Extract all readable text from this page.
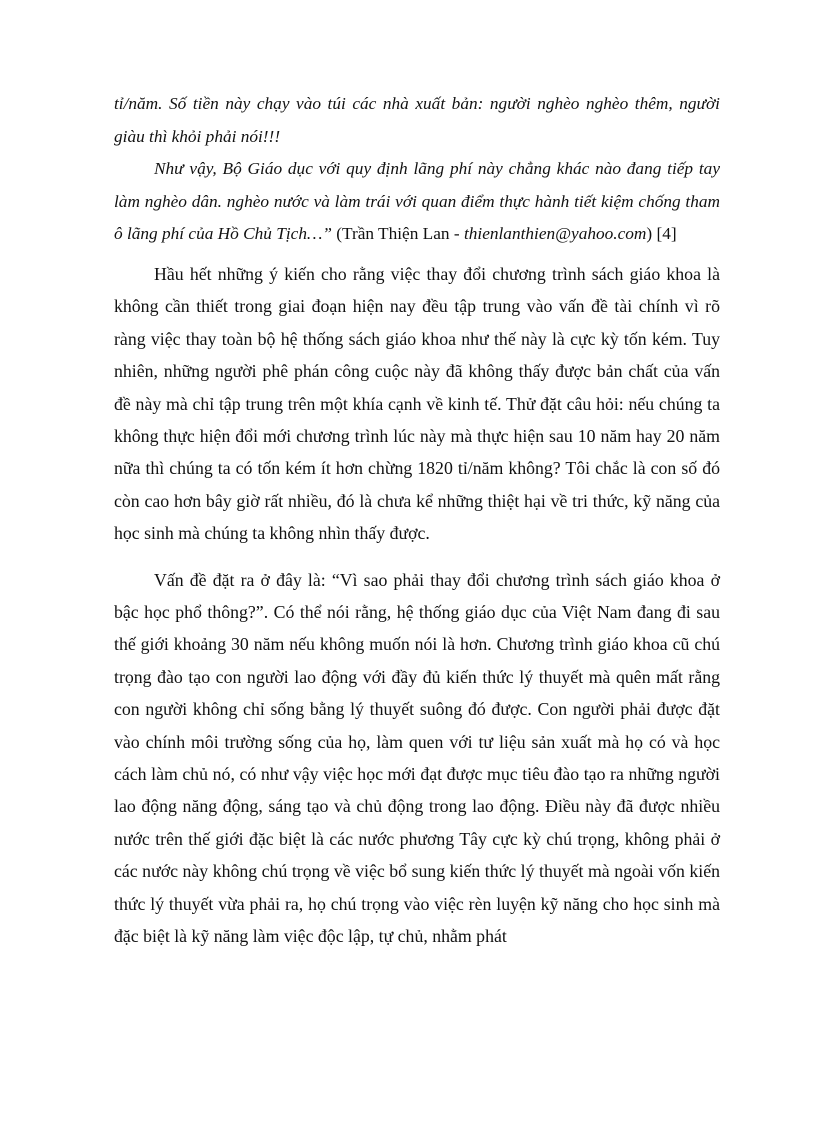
tỉ/năm. Số tiền này chạy vào túi các nhà xuất bản: người nghèo nghèo thêm, người giàu thì khỏi phải nói!!!

Như vậy, Bộ Giáo dục với quy định lãng phí này chẳng khác nào đang tiếp tay làm nghèo dân. nghèo nước và làm trái với quan điểm thực hành tiết kiệm chống tham ô lãng phí của Hồ Chủ Tịch…” (Trần Thiện Lan - thienlanthien@yahoo.com) [4]

Hầu hết những ý kiến cho rằng việc thay đổi chương trình sách giáo khoa là không cần thiết trong giai đoạn hiện nay đều tập trung vào vấn đề tài chính vì rõ ràng việc thay toàn bộ hệ thống sách giáo khoa như thế này là cực kỳ tốn kém. Tuy nhiên, những người phê phán công cuộc này đã không thấy được bản chất của vấn đề này mà chỉ tập trung trên một khía cạnh về kinh tế. Thử đặt câu hỏi: nếu chúng ta không thực hiện đổi mới chương trình lúc này mà thực hiện sau 10 năm hay 20 năm nữa thì chúng ta có tốn kém ít hơn chừng 1820 tỉ/năm không? Tôi chắc là con số đó còn cao hơn bây giờ rất nhiều, đó là chưa kể những thiệt hại về tri thức, kỹ năng của học sinh mà chúng ta không nhìn thấy được.

Vấn đề đặt ra ở đây là: “Vì sao phải thay đổi chương trình sách giáo khoa ở bậc học phổ thông?”. Có thể nói rằng, hệ thống giáo dục của Việt Nam đang đi sau thế giới khoảng 30 năm nếu không muốn nói là hơn. Chương trình giáo khoa cũ chú trọng đào tạo con người lao động với đầy đủ kiến thức lý thuyết mà quên mất rằng con người không chỉ sống bằng lý thuyết suông đó được. Con người phải được đặt vào chính môi trường sống của họ, làm quen với tư liệu sản xuất mà họ có và học cách làm chủ nó, có như vậy việc học mới đạt được mục tiêu đào tạo ra những người lao động năng động, sáng tạo và chủ động trong lao động. Điều này đã được nhiều nước trên thế giới đặc biệt là các nước phương Tây cực kỳ chú trọng, không phải ở các nước này không chú trọng về việc bổ sung kiến thức lý thuyết mà ngoài vốn kiến thức lý thuyết vừa phải ra, họ chú trọng vào việc rèn luyện kỹ năng cho học sinh mà đặc biệt là kỹ năng làm việc độc lập, tự chủ, nhằm phát
